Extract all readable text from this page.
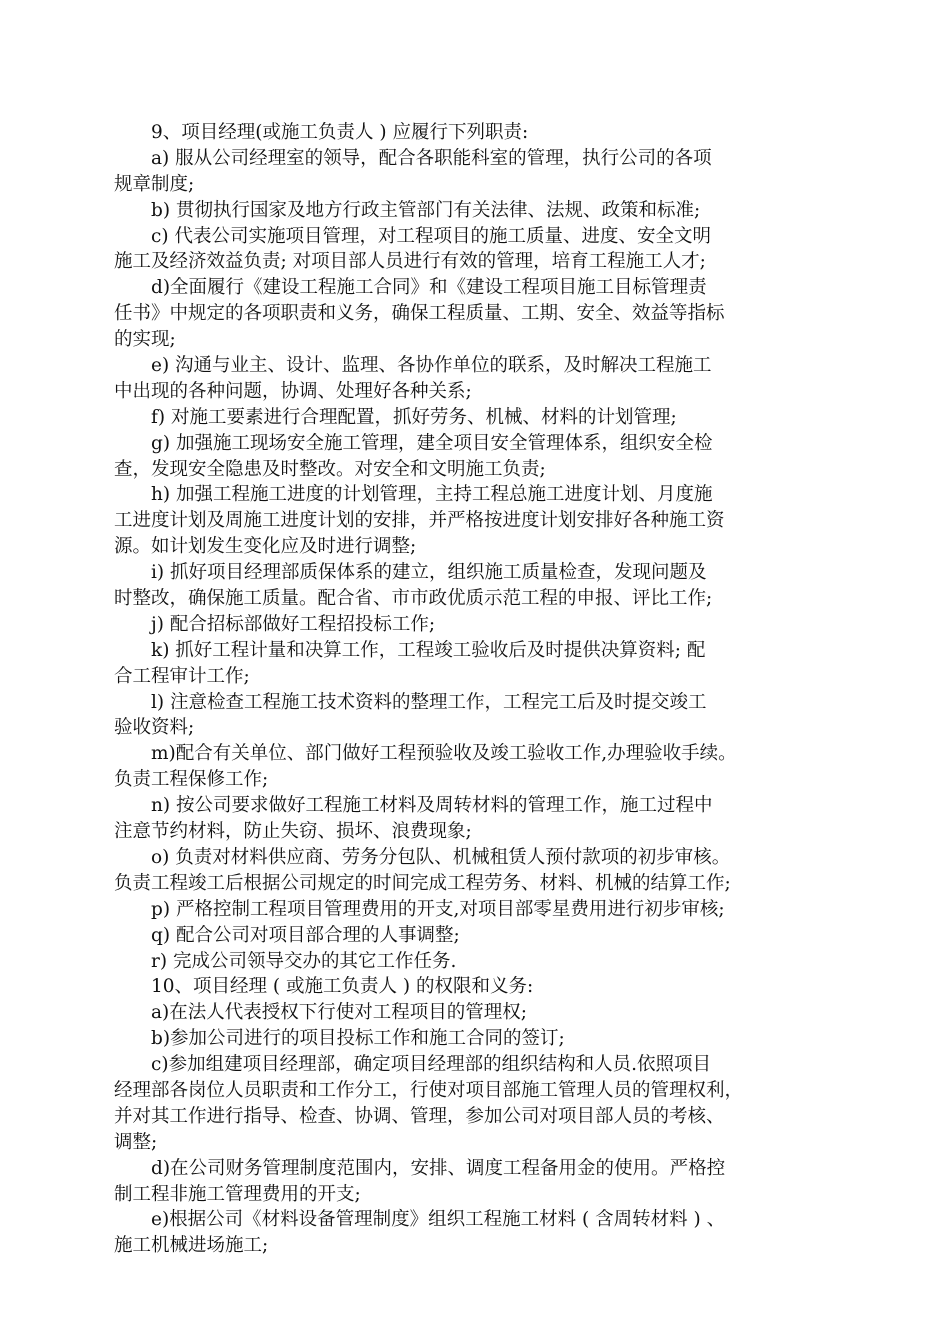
9、项目经理(或施工负责人 ) 应履行下列职责:
a) 服从公司经理室的领导，配合各职能科室的管理，执行公司的各项
规章制度;
b) 贯彻执行国家及地方行政主管部门有关法律、法规、政策和标准;
c) 代表公司实施项目管理，对工程项目的施工质量、进度、安全文明
施工及经济效益负责; 对项目部人员进行有效的管理，培育工程施工人才;
d)全面履行《建设工程施工合同》和《建设工程项目施工目标管理责
任书》中规定的各项职责和义务，确保工程质量、工期、安全、效益等指标
的实现;
e) 沟通与业主、设计、监理、各协作单位的联系，及时解决工程施工
中出现的各种问题，协调、处理好各种关系;
f) 对施工要素进行合理配置，抓好劳务、机械、材料的计划管理;
g) 加强施工现场安全施工管理，建全项目安全管理体系，组织安全检
查，发现安全隐患及时整改。对安全和文明施工负责;
h) 加强工程施工进度的计划管理，主持工程总施工进度计划、月度施
工进度计划及周施工进度计划的安排，并严格按进度计划安排好各种施工资
源。如计划发生变化应及时进行调整;
i) 抓好项目经理部质保体系的建立，组织施工质量检查，发现问题及
时整改，确保施工质量。配合省、市市政优质示范工程的申报、评比工作;
j) 配合招标部做好工程招投标工作;
k) 抓好工程计量和决算工作，工程竣工验收后及时提供决算资料; 配
合工程审计工作;
l) 注意检查工程施工技术资料的整理工作，工程完工后及时提交竣工
验收资料;
m)配合有关单位、部门做好工程预验收及竣工验收工作,办理验收手续。
负责工程保修工作;
n) 按公司要求做好工程施工材料及周转材料的管理工作，施工过程中
注意节约材料，防止失窃、损坏、浪费现象;
o) 负责对材料供应商、劳务分包队、机械租赁人预付款项的初步审核。
负责工程竣工后根据公司规定的时间完成工程劳务、材料、机械的结算工作;
p) 严格控制工程项目管理费用的开支,对项目部零星费用进行初步审核;
q) 配合公司对项目部合理的人事调整;
r) 完成公司领导交办的其它工作任务.
10、项目经理 ( 或施工负责人 ) 的权限和义务:
a)在法人代表授权下行使对工程项目的管理权;
b)参加公司进行的项目投标工作和施工合同的签订;
c)参加组建项目经理部，确定项目经理部的组织结构和人员.依照项目
经理部各岗位人员职责和工作分工，行使对项目部施工管理人员的管理权利，
并对其工作进行指导、检查、协调、管理，参加公司对项目部人员的考核、
调整;
d)在公司财务管理制度范围内，安排、调度工程备用金的使用。严格控
制工程非施工管理费用的开支;
e)根据公司《材料设备管理制度》组织工程施工材料 ( 含周转材料 ) 、
施工机械进场施工;
